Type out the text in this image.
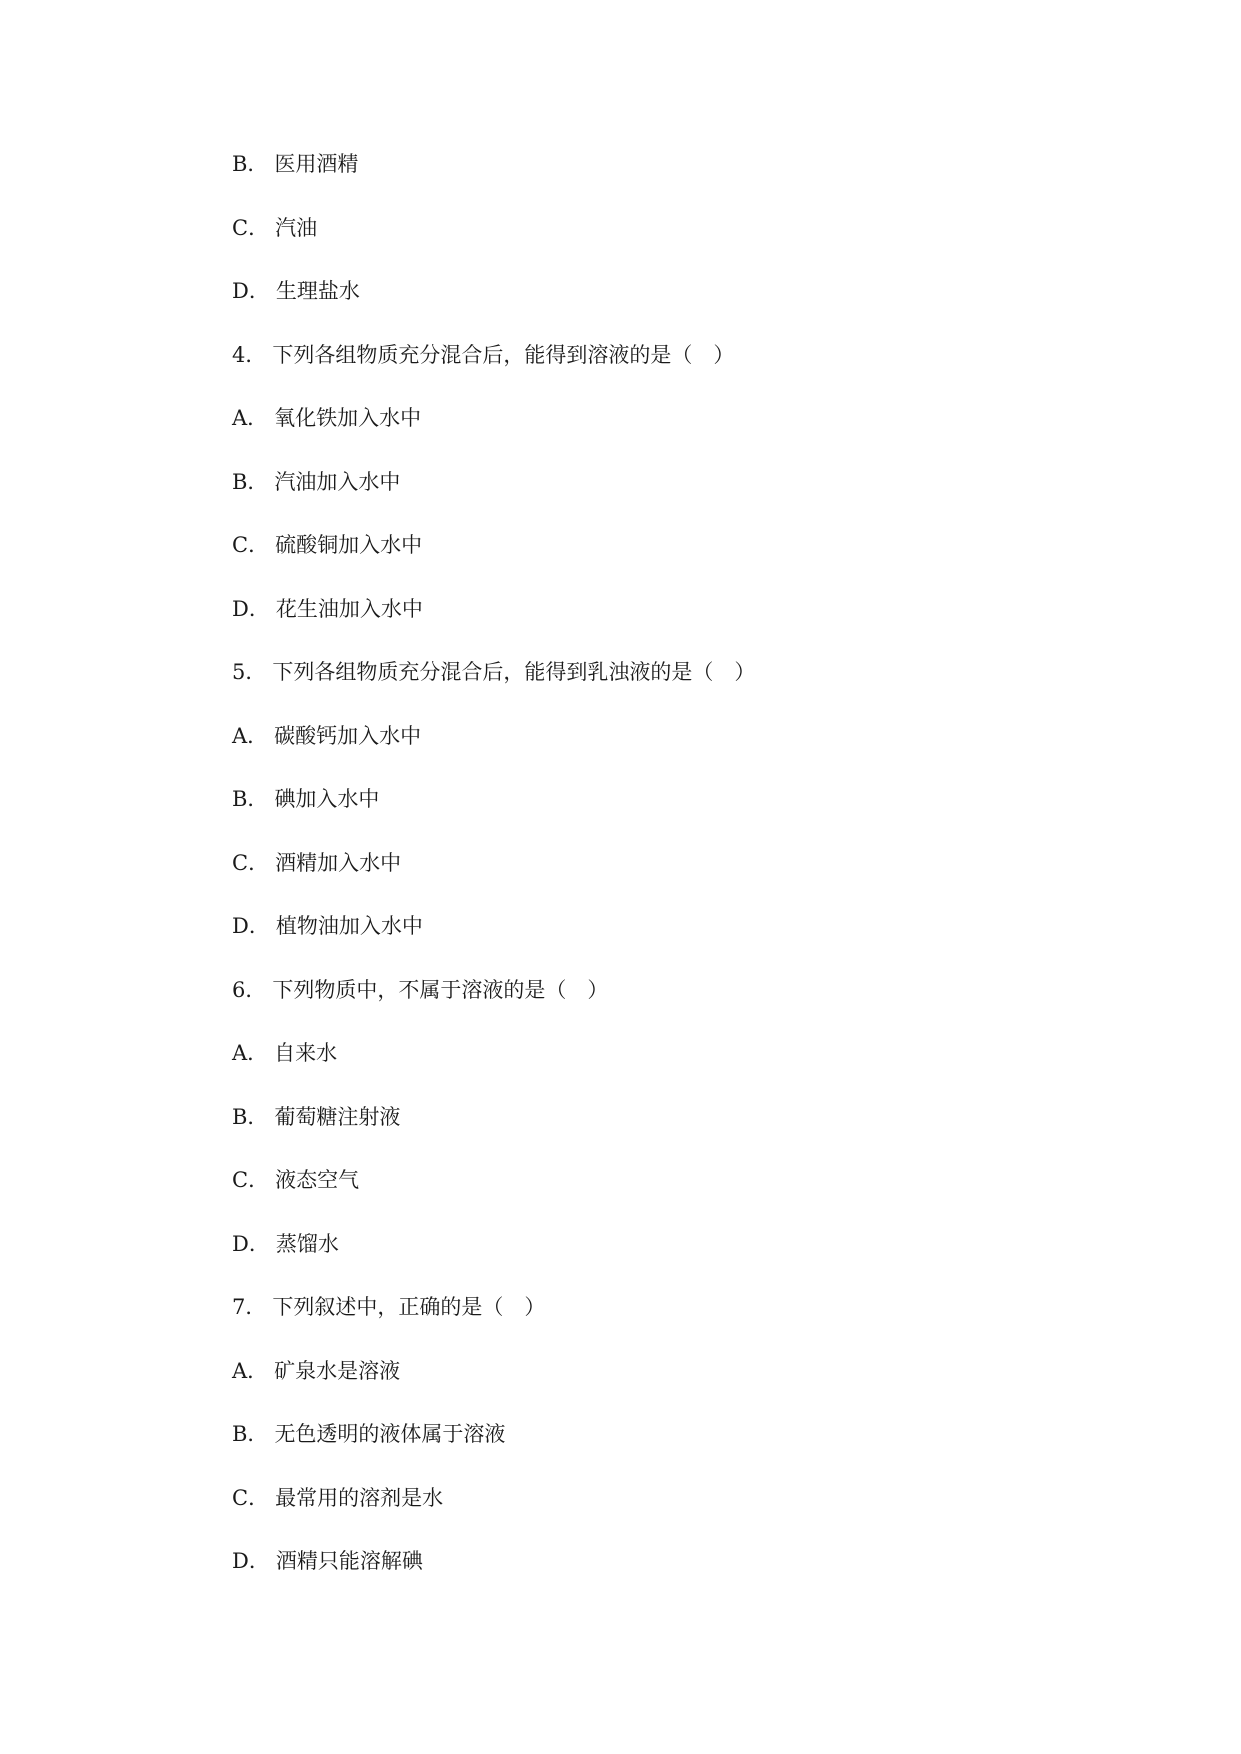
B． 医用酒精
C． 汽油
D． 生理盐水
4． 下列各组物质充分混合后，能得到溶液的是（　）
A． 氧化铁加入水中
B． 汽油加入水中
C． 硫酸铜加入水中
D． 花生油加入水中
5． 下列各组物质充分混合后，能得到乳浊液的是（　）
A． 碳酸钙加入水中
B． 碘加入水中
C． 酒精加入水中
D． 植物油加入水中
6． 下列物质中，不属于溶液的是（　）
A． 自来水
B． 葡萄糖注射液
C． 液态空气
D． 蒸馏水
7． 下列叙述中，正确的是（　）
A． 矿泉水是溶液
B． 无色透明的液体属于溶液
C． 最常用的溶剂是水
D． 酒精只能溶解碘
